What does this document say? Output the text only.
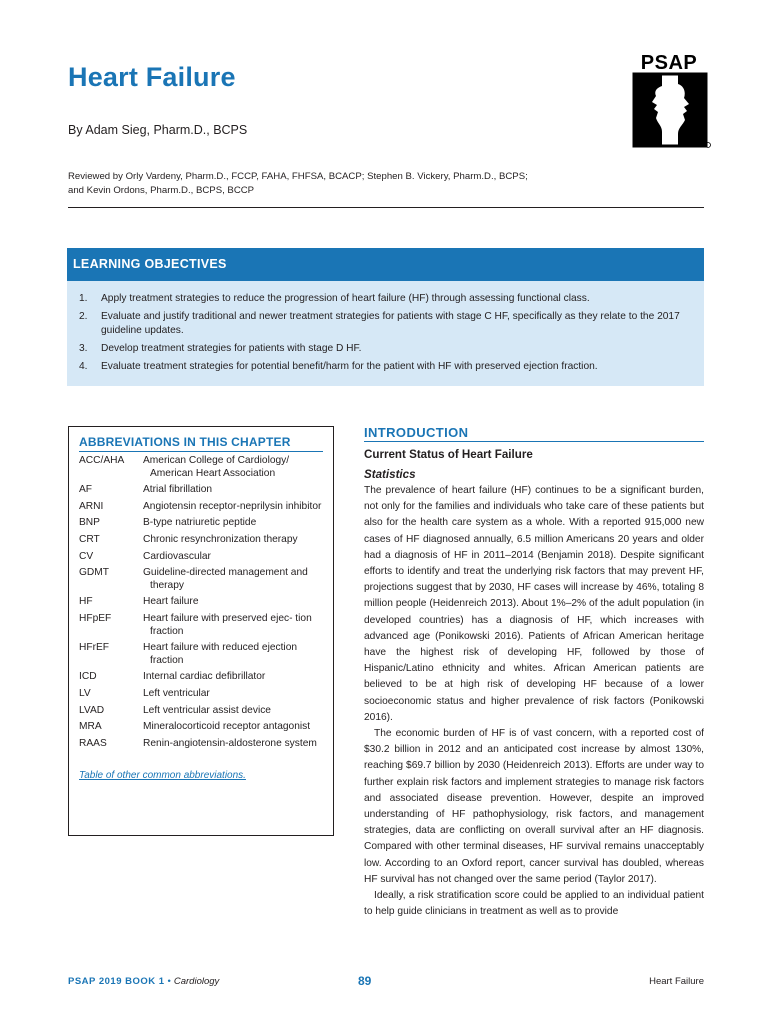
Heart Failure
By Adam Sieg, Pharm.D., BCPS
Reviewed by Orly Vardeny, Pharm.D., FCCP, FAHA, FHFSA, BCACP; Stephen B. Vickery, Pharm.D., BCPS;
and Kevin Ordons, Pharm.D., BCPS, BCCP
PSAP
LEARNING OBJECTIVES
1.	Apply treatment strategies to reduce the progression of heart failure (HF) through assessing functional class.
2.	Evaluate and justify traditional and newer treatment strategies for patients with stage C HF, specifically as they relate to the 2017 guideline updates.
3.	Develop treatment strategies for patients with stage D HF.
4.	Evaluate treatment strategies for potential benefit/harm for the patient with HF with preserved ejection fraction.
ABBREVIATIONS IN THIS CHAPTER
ACC/AHA	American College of Cardiology/ American Heart Association
AF	Atrial fibrillation
ARNI	Angiotensin receptor-neprilysin inhibitor
BNP	B-type natriuretic peptide
CRT	Chronic resynchronization therapy
CV	Cardiovascular
GDMT	Guideline-directed management and therapy
HF	Heart failure
HFpEF	Heart failure with preserved ejec- tion fraction
HFrEF	Heart failure with reduced ejection fraction
ICD	Internal cardiac defibrillator
LV	Left ventricular
LVAD	Left ventricular assist device
MRA	Mineralocorticoid receptor antagonist
RAAS	Renin-angiotensin-aldosterone system
Table of other common abbreviations.
INTRODUCTION
Current Status of Heart Failure
Statistics

The prevalence of heart failure (HF) continues to be a significant burden, not only for the families and individuals who take care of these patients but also for the health care system as a whole. With a reported 915,000 new cases of HF diagnosed annually, 6.5 million Americans 20 years and older had a diagnosis of HF in 2011–2014 (Benjamin 2018). Despite significant efforts to identify and treat the underlying risk factors that may prevent HF, projections suggest that by 2030, HF cases will increase by 46%, totaling 8 million people (Heidenreich 2013). About 1%–2% of the adult population (in developed countries) has a diagnosis of HF, which increases with advanced age (Ponikowski 2016). Patients of African American heritage have the highest risk of developing HF, followed by those of Hispanic/Latino ethnicity and whites. African American patients are believed to be at high risk of developing HF because of a lower socioeconomic status and higher prevalence of risk factors (Ponikowski 2016).

The economic burden of HF is of vast concern, with a reported cost of $30.2 billion in 2012 and an anticipated cost increase by almost 130%, reaching $69.7 billion by 2030 (Heidenreich 2013). Efforts are under way to further explain risk factors and implement strategies to manage risk factors and associated disease prevention. However, despite an improved understanding of HF pathophysiology, risk factors, and management strategies, data are conflicting on overall survival after an HF diagnosis. Compared with other terminal diseases, HF survival remains unacceptably low. According to an Oxford report, cancer survival has doubled, whereas HF survival has not changed over the same period (Taylor 2017).

Ideally, a risk stratification score could be applied to an individual patient to help guide clinicians in treatment as well as to provide

PSAP 2019 BOOK 1 • Cardiology	89	Heart Failure
